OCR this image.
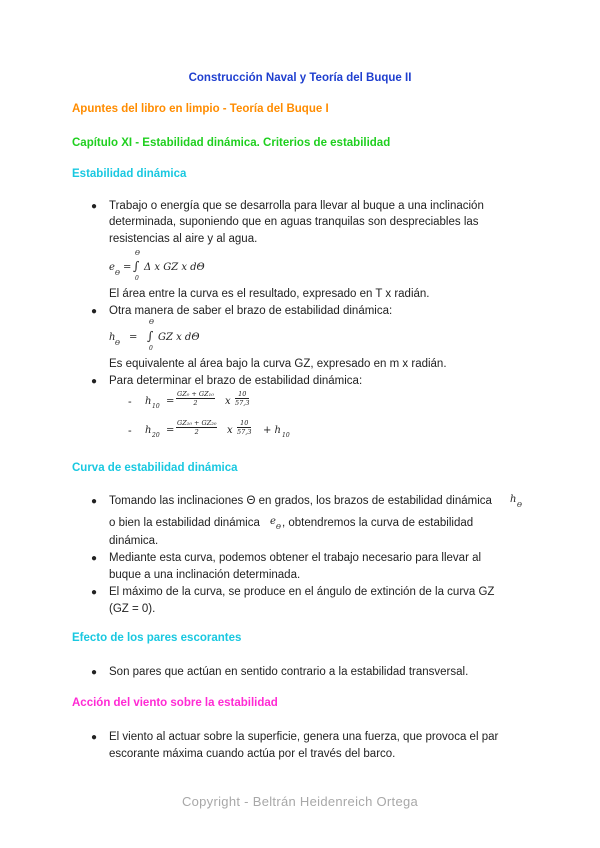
Construcción Naval y Teoría del Buque II
Apuntes del libro en limpio - Teoría del Buque I
Capítulo XI - Estabilidad dinámica. Criterios de estabilidad
Estabilidad dinámica
● Trabajo o energía que se desarrolla para llevar al buque a una inclinación
determinada, suponiendo que en aguas tranquilas son despreciables las
resistencias al aire y al agua.
e
Θ
=
Θ
∫
0
Δ x GZ x dΘ
El área entre la curva es el resultado, expresado en T x radián.
● Otra manera de saber el brazo de estabilidad dinámica:
h
Θ
=
Θ
∫
0
GZ x dΘ
Es equivalente al área bajo la curva GZ, expresado en m x radián.
● Para determinar el brazo de estabilidad dinámica:
- h $10 = \frac{\text{GZ₀ + GZ₁₀}}{2}$ x $\frac{10}{57,3}$
- h $20 = \frac{\text{GZ₁₀ + GZ₂₀}}{2}$ x $\frac{10}{57,3} + h$ 10
Curva de estabilidad dinámica
● Tomando las inclinaciones Θ en grados, los brazos de estabilidad dinámica h
Θ
o bien la estabilidad dinámica e
Θ , obtendremos la curva de estabilidad
dinámica.
● Mediante esta curva, podemos obtener el trabajo necesario para llevar al
buque a una inclinación determinada.
● El máximo de la curva, se produce en el ángulo de extinción de la curva GZ
(GZ = 0).
Efecto de los pares escorantes
● Son pares que actúan en sentido contrario a la estabilidad transversal.
Acción del viento sobre la estabilidad
● El viento al actuar sobre la superficie, genera una fuerza, que provoca el par
escorante máxima cuando actúa por el través del barco.
Copyright - Beltrán Heidenreich Ortega
